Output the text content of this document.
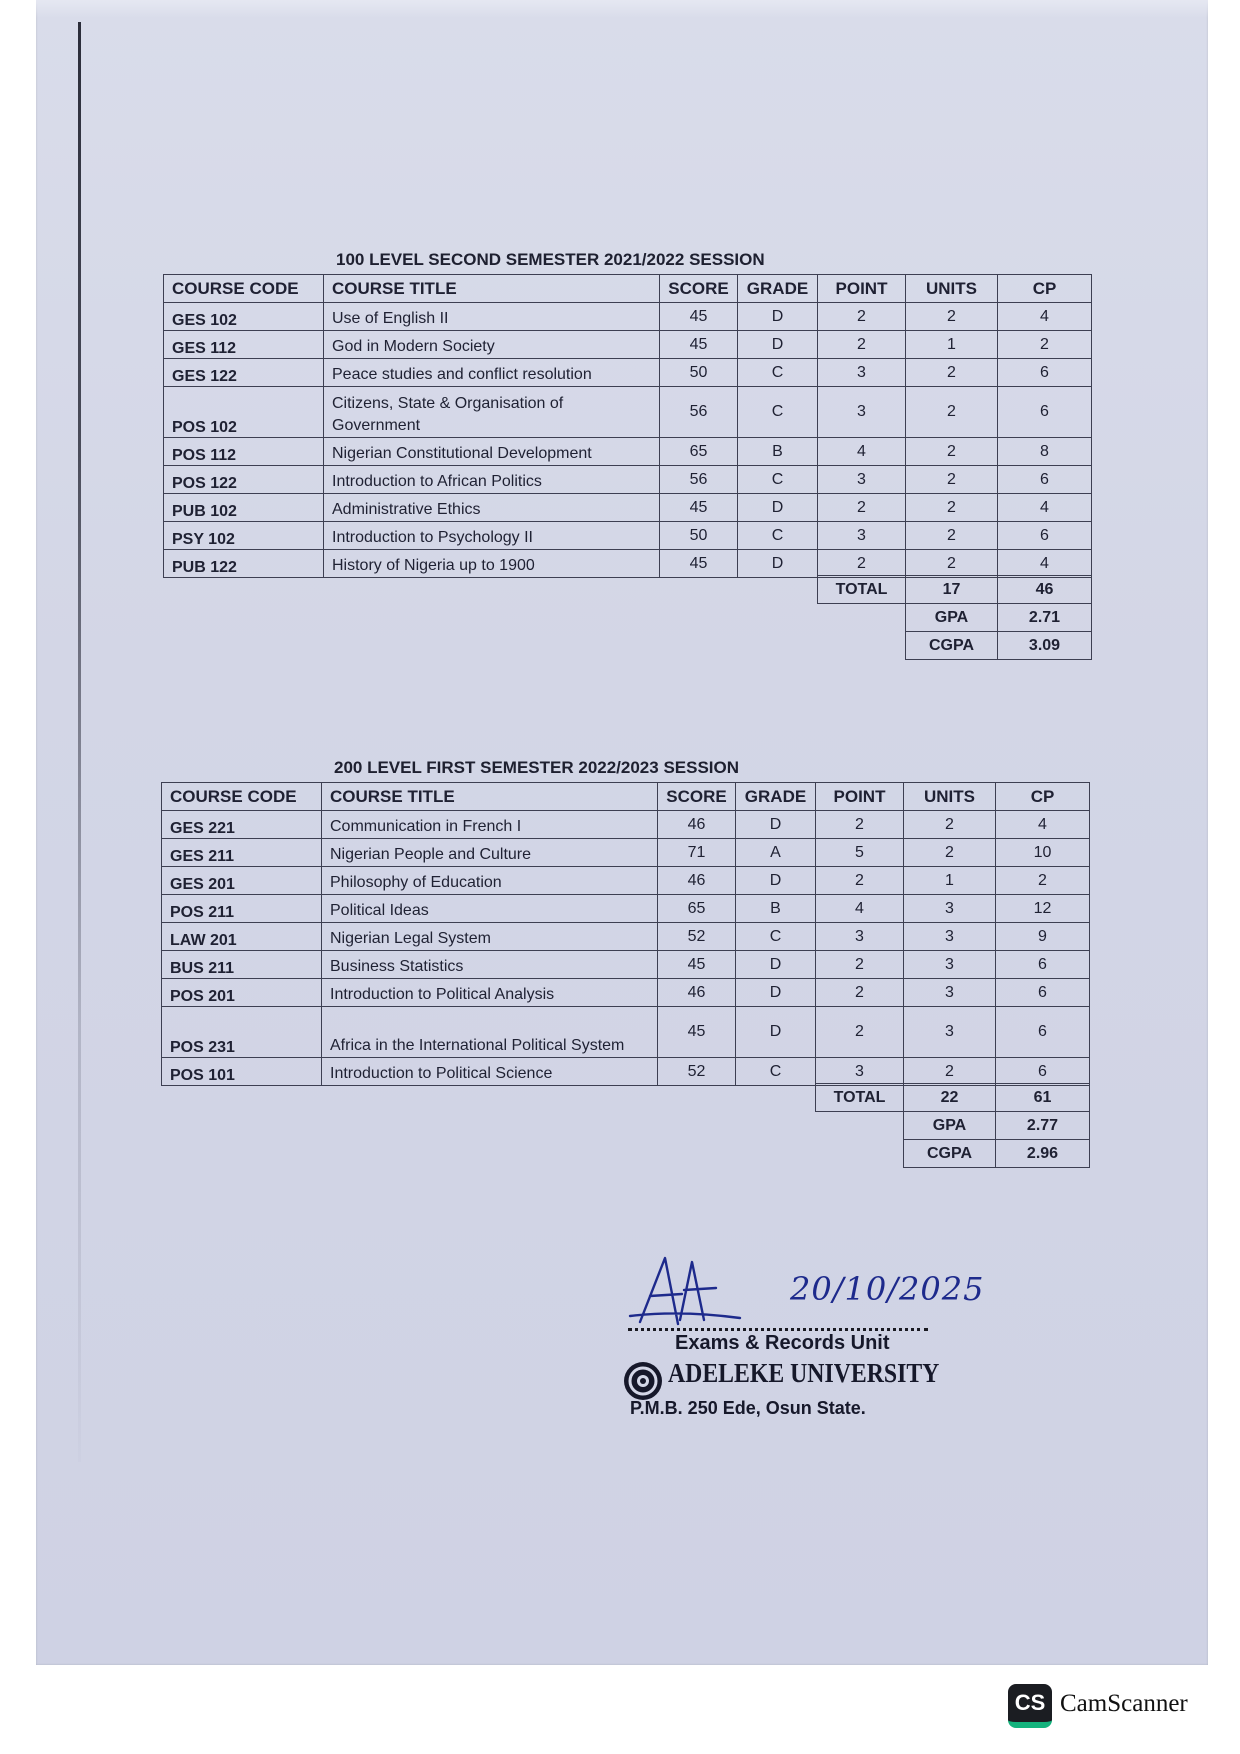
100 LEVEL SECOND SEMESTER 2021/2022 SESSION
COURSE CODE	COURSE TITLE	SCORE	GRADE	POINT	UNITS	CP
GES 102	Use of English II	45	D	2	2	4
GES 112	God in Modern Society	45	D	2	1	2
GES 122	Peace studies and conflict resolution	50	C	3	2	6
POS 102	Citizens, State & Organisation of Government	56	C	3	2	6
POS 112	Nigerian Constitutional Development	65	B	4	2	8
POS 122	Introduction to African Politics	56	C	3	2	6
PUB 102	Administrative Ethics	45	D	2	2	4
PSY 102	Introduction to Psychology II	50	C	3	2	6
PUB 122	History of Nigeria up to 1900	45	D	2	2	4
TOTAL	17	46
	GPA	2.71
	CGPA	3.09
200 LEVEL FIRST SEMESTER 2022/2023 SESSION
COURSE CODE	COURSE TITLE	SCORE	GRADE	POINT	UNITS	CP
GES 221	Communication in French I	46	D	2	2	4
GES 211	Nigerian People and Culture	71	A	5	2	10
GES 201	Philosophy of Education	46	D	2	1	2
POS 211	Political Ideas	65	B	4	3	12
LAW 201	Nigerian Legal System	52	C	3	3	9
BUS 211	Business Statistics	45	D	2	3	6
POS 201	Introduction to Political Analysis	46	D	2	3	6
POS 231	Africa in the International Political System	45	D	2	3	6
POS 101	Introduction to Political Science	52	C	3	2	6
TOTAL	22	61
	GPA	2.77
	CGPA	2.96
20/10/2025
Exams & Records Unit
ADELEKE UNIVERSITY
P.M.B. 250 Ede, Osun State.
CS CamScanner
